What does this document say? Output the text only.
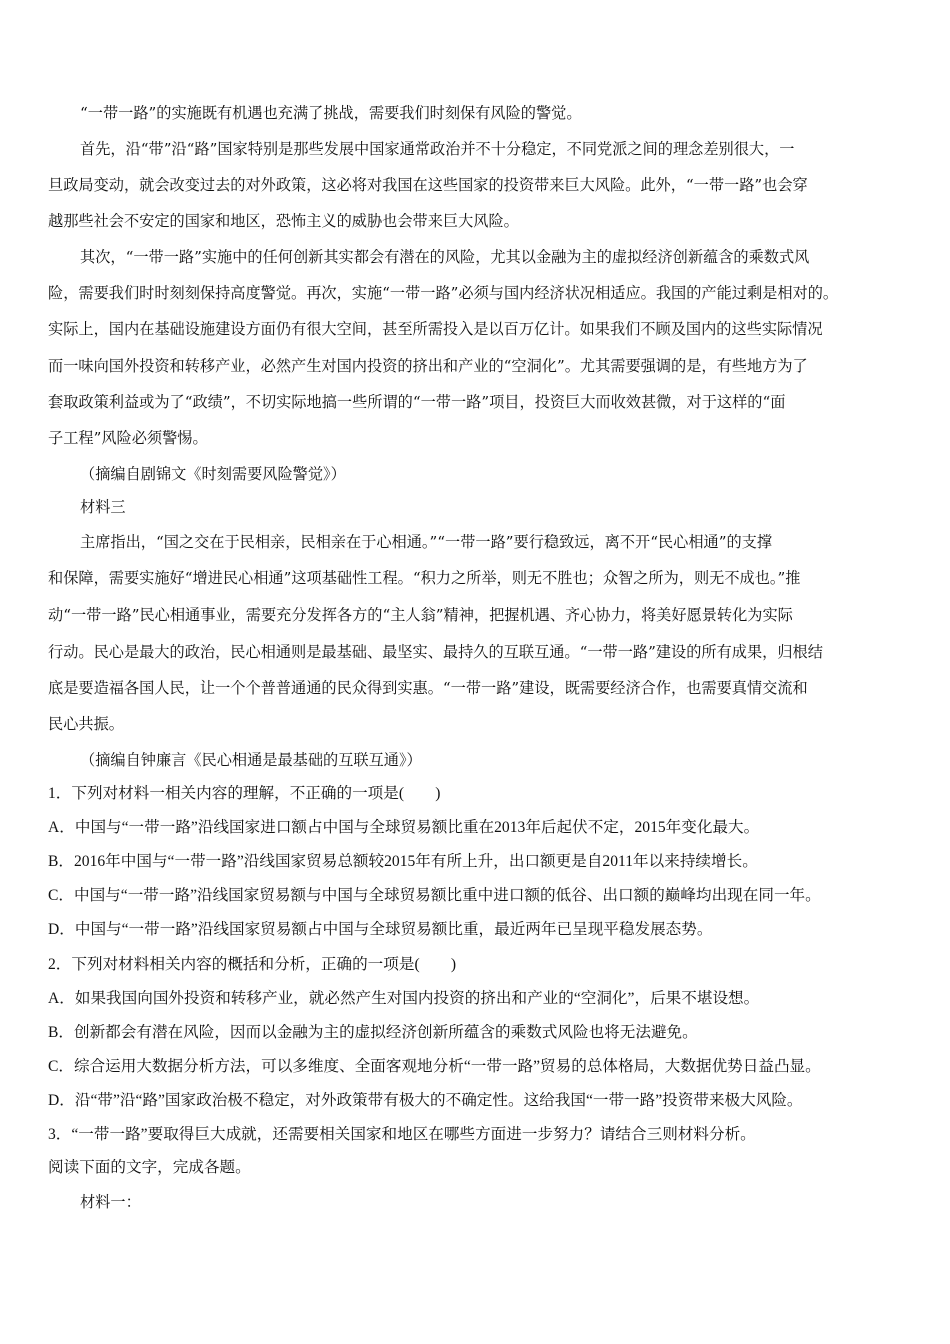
“一带一路”的实施既有机遇也充满了挑战，需要我们时刻保有风险的警觉。
首先，沿“带”沿“路”国家特别是那些发展中国家通常政治并不十分稳定，不同党派之间的理念差别很大，一
旦政局变动，就会改变过去的对外政策，这必将对我国在这些国家的投资带来巨大风险。此外，“一带一路”也会穿
越那些社会不安定的国家和地区，恐怖主义的威胁也会带来巨大风险。
其次，“一带一路”实施中的任何创新其实都会有潜在的风险，尤其以金融为主的虚拟经济创新蕴含的乘数式风
险，需要我们时时刻刻保持高度警觉。再次，实施“一带一路”必须与国内经济状况相适应。我国的产能过剩是相对的。
实际上，国内在基础设施建设方面仍有很大空间，甚至所需投入是以百万亿计。如果我们不顾及国内的这些实际情况
而一味向国外投资和转移产业，必然产生对国内投资的挤出和产业的“空洞化”。尤其需要强调的是，有些地方为了
套取政策利益或为了“政绩”，不切实际地搞一些所谓的“一带一路”项目，投资巨大而收效甚微，对于这样的“面
子工程”风险必须警惕。
（摘编自剧锦文《时刻需要风险警觉》）
材料三
主席指出，“国之交在于民相亲，民相亲在于心相通。”“一带一路”要行稳致远，离不开“民心相通”的支撑
和保障，需要实施好“增进民心相通”这项基础性工程。“积力之所举，则无不胜也；众智之所为，则无不成也。”推
动“一带一路”民心相通事业，需要充分发挥各方的“主人翁”精神，把握机遇、齐心协力，将美好愿景转化为实际
行动。民心是最大的政治，民心相通则是最基础、最坚实、最持久的互联互通。“一带一路”建设的所有成果，归根结
底是要造福各国人民，让一个个普普通通的民众得到实惠。“一带一路”建设，既需要经济合作，也需要真情交流和
民心共振。
（摘编自钟廉言《民心相通是最基础的互联互通》）
1．下列对材料一相关内容的理解，不正确的一项是(　　)
A．中国与“一带一路”沿线国家进口额占中国与全球贸易额比重在2013年后起伏不定，2015年变化最大。
B．2016年中国与“一带一路”沿线国家贸易总额较2015年有所上升，出口额更是自2011年以来持续增长。
C．中国与“一带一路”沿线国家贸易额与中国与全球贸易额比重中进口额的低谷、出口额的巅峰均出现在同一年。
D．中国与“一带一路”沿线国家贸易额占中国与全球贸易额比重，最近两年已呈现平稳发展态势。
2．下列对材料相关内容的概括和分析，正确的一项是(　　)
A．如果我国向国外投资和转移产业，就必然产生对国内投资的挤出和产业的“空洞化”，后果不堪设想。
B．创新都会有潜在风险，因而以金融为主的虚拟经济创新所蕴含的乘数式风险也将无法避免。
C．综合运用大数据分析方法，可以多维度、全面客观地分析“一带一路”贸易的总体格局，大数据优势日益凸显。
D．沿“带”沿“路”国家政治极不稳定，对外政策带有极大的不确定性。这给我国“一带一路”投资带来极大风险。
3．“一带一路”要取得巨大成就，还需要相关国家和地区在哪些方面进一步努力？请结合三则材料分析。
阅读下面的文字，完成各题。
材料一：
